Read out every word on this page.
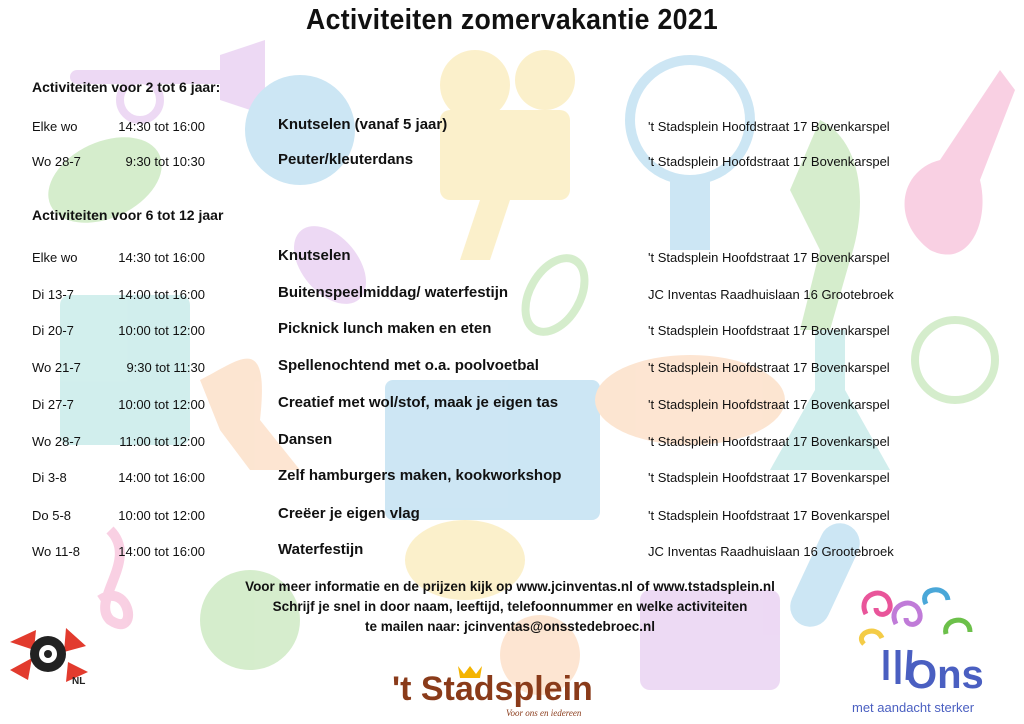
Activiteiten zomervakantie 2021
Activiteiten voor 2 tot 6 jaar:
Elke wo	14:30 tot 16:00	Knutselen (vanaf 5 jaar)	't Stadsplein Hoofdstraat 17 Bovenkarspel
Wo 28-7	9:30 tot 10:30	Peuter/kleuterdans	't Stadsplein Hoofdstraat 17 Bovenkarspel
Activiteiten voor 6 tot 12 jaar
Elke wo	14:30 tot 16:00	Knutselen	't Stadsplein Hoofdstraat 17 Bovenkarspel
Di 13-7	14:00 tot 16:00	Buitenspeelmiddag/ waterfestijn	JC Inventas Raadhuislaan 16 Grootebroek
Di 20-7	10:00 tot 12:00	Picknick lunch maken en eten	't Stadsplein Hoofdstraat 17 Bovenkarspel
Wo 21-7	9:30 tot 11:30	Spellenochtend met o.a. poolvoetbal	't Stadsplein Hoofdstraat 17 Bovenkarspel
Di 27-7	10:00 tot 12:00	Creatief met wol/stof, maak je eigen tas	't Stadsplein Hoofdstraat 17 Bovenkarspel
Wo 28-7	11:00 tot 12:00	Dansen	't Stadsplein Hoofdstraat 17 Bovenkarspel
Di 3-8	14:00 tot 16:00	Zelf hamburgers maken, kookworkshop	't Stadsplein Hoofdstraat 17 Bovenkarspel
Do 5-8	10:00 tot 12:00	Creëer je eigen vlag	't Stadsplein Hoofdstraat 17 Bovenkarspel
Wo 11-8	14:00 tot 16:00	Waterfestijn	JC Inventas Raadhuislaan 16 Grootebroek
Voor meer informatie en de prijzen kijk op www.jcinventas.nl of www.tstadsplein.nl
Schrijf je snel in door naam, leeftijd, telefoonnummer en welke activiteiten
te mailen naar: jcinventas@onsstedebroec.nl
NL	't Stadsplein
Voor ons en iedereen
Ons
met aandacht sterker
